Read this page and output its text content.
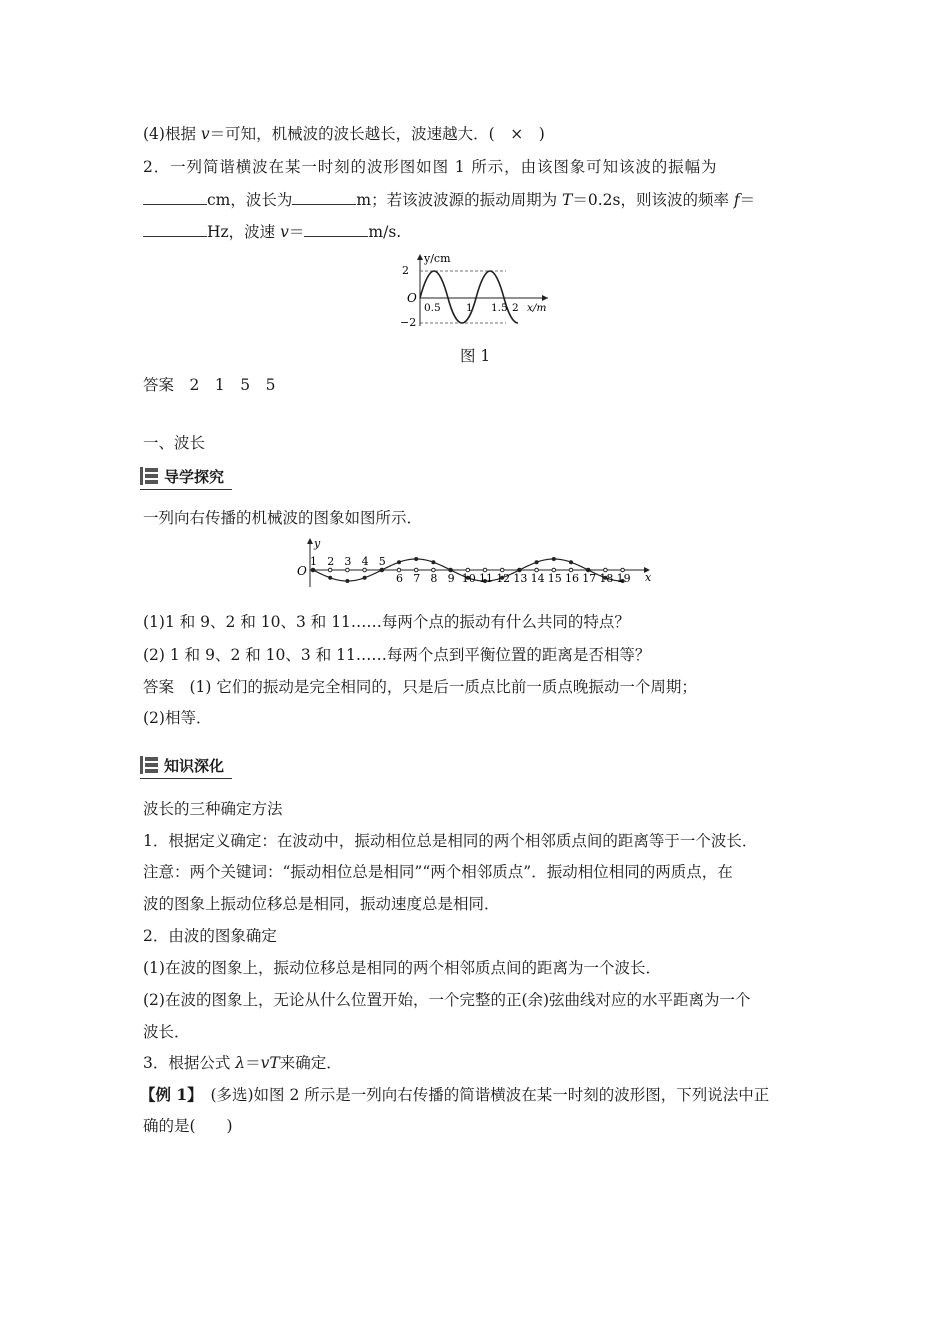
(4)根据 v＝可知，机械波的波长越长，波速越大．(　×　)
2．一列简谐横波在某一时刻的波形图如图 1 所示，由该图象可知该波的振幅为
cm，波长为	m；若该波波源的振动周期为 T＝0.2s，则该波的频率 f＝
Hz，波速 v＝	m/s.
y/cm
2
−2
O
0.5 1 1.5 2 x/m
图 1
答案　2　1　5　5
一、波长
导学探究
一列向右传播的机械波的图象如图所示．
y
O	x
1 2 3 4 5
6 7 8 9 10 11 12 13 14 15 16 17 18 19
(1)1 和 9、2 和 10、3 和 11……每两个点的振动有什么共同的特点？
(2) 1 和 9、2 和 10、3 和 11……每两个点到平衡位置的距离是否相等？
答案　(1) 它们的振动是完全相同的，只是后一质点比前一质点晚振动一个周期；
(2)相等．
知识深化
波长的三种确定方法
1．根据定义确定：在波动中，振动相位总是相同的两个相邻质点间的距离等于一个波长．
注意：两个关键词：“振动相位总是相同”“两个相邻质点”．振动相位相同的两质点，在
波的图象上振动位移总是相同，振动速度总是相同．
2．由波的图象确定
(1)在波的图象上，振动位移总是相同的两个相邻质点间的距离为一个波长．
(2)在波的图象上，无论从什么位置开始，一个完整的正(余)弦曲线对应的水平距离为一个
波长．
3．根据公式 λ＝vT来确定．
【例 1】　(多选)如图 2 所示是一列向右传播的简谐横波在某一时刻的波形图，下列说法中正
确的是(　　)
